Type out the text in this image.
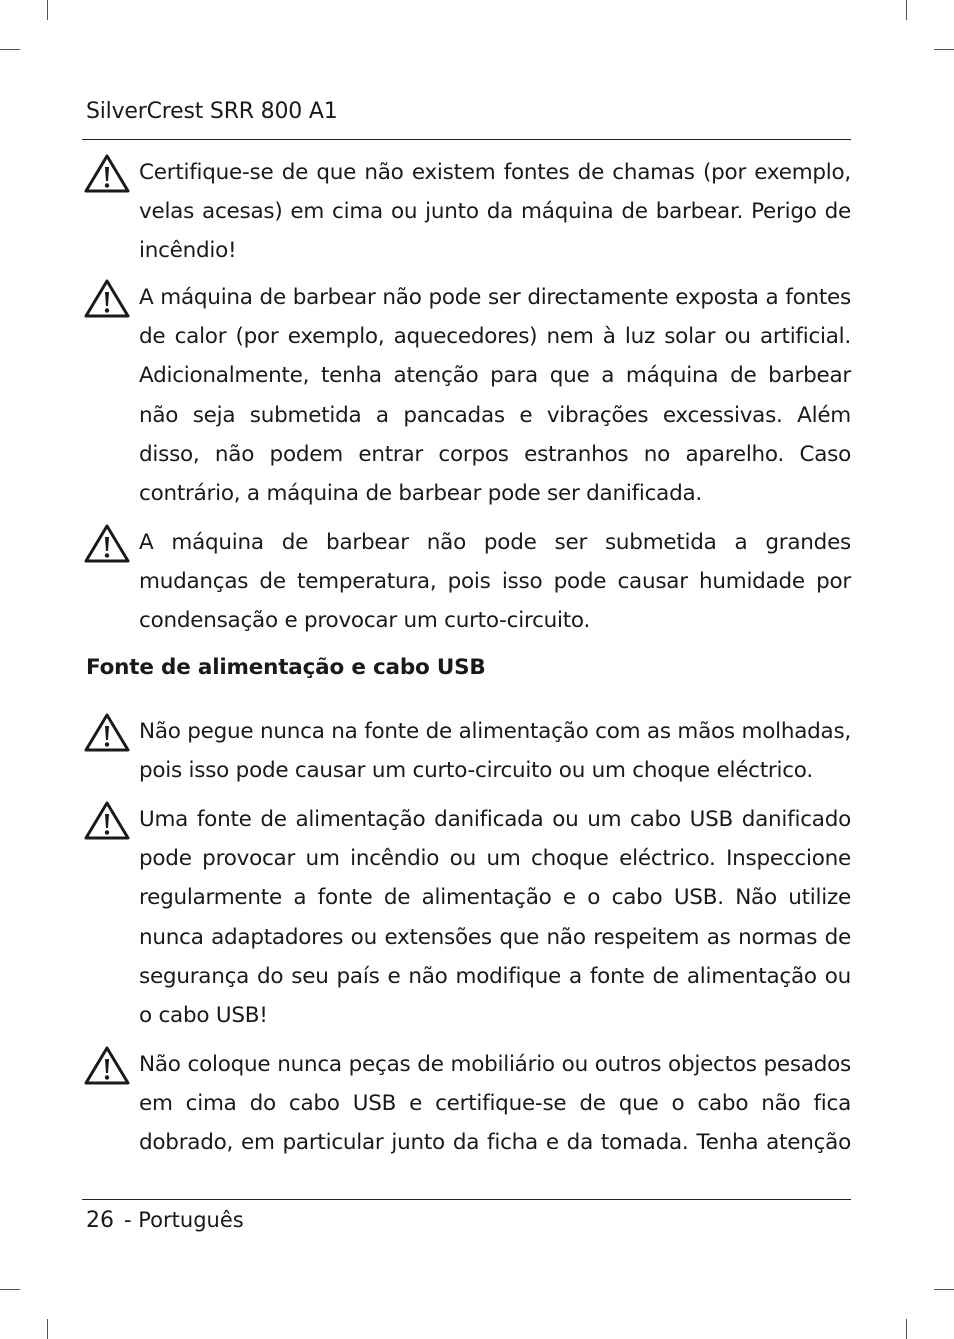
SilverCrest SRR 800 A1

Certifique-se de que não existem fontes de chamas (por exemplo, velas acesas) em cima ou junto da máquina de barbear. Perigo de incêndio!

A máquina de barbear não pode ser directamente exposta a fontes de calor (por exemplo, aquecedores) nem à luz solar ou artificial. Adicionalmente, tenha atenção para que a máquina de barbear não seja submetida a pancadas e vibrações excessivas. Além disso, não podem entrar corpos estranhos no aparelho. Caso contrário, a máquina de barbear pode ser danificada.

A máquina de barbear não pode ser submetida a grandes mudanças de temperatura, pois isso pode causar humidade por condensação e provocar um curto-circuito.

Fonte de alimentação e cabo USB

Não pegue nunca na fonte de alimentação com as mãos molhadas, pois isso pode causar um curto-circuito ou um choque eléctrico.

Uma fonte de alimentação danificada ou um cabo USB danificado pode provocar um incêndio ou um choque eléctrico. Inspeccione regularmente a fonte de alimentação e o cabo USB. Não utilize nunca adaptadores ou extensões que não respeitem as normas de segurança do seu país e não modifique a fonte de alimentação ou o cabo USB!

Não coloque nunca peças de mobiliário ou outros objectos pesados em cima do cabo USB e certifique-se de que o cabo não fica dobrado, em particular junto da ficha e da tomada. Tenha atenção

26 - Português
